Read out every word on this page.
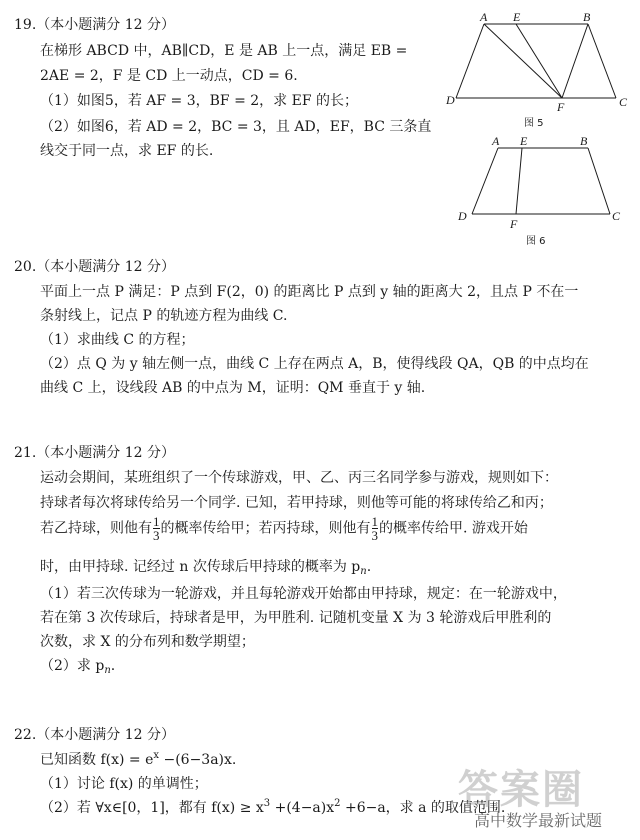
19.（本小题满分 12 分）
在梯形 ABCD 中，AB∥CD，E 是 AB 上一点，满足 EB =
2AE = 2，F 是 CD 上一动点，CD = 6.
（1）如图5，若 AF = 3，BF = 2，求 EF 的长；
（2）如图6，若 AD = 2，BC = 3，且 AD，EF，BC 三条直
线交于同一点，求 EF 的长.
A E	B
D	F	C
图 5
A E	B
D
F
C
图 6
20.（本小题满分 12 分）
平面上一点 P 满足：P 点到 F(2，0) 的距离比 P 点到 y 轴的距离大 2，且点 P 不在一
条射线上，记点 P 的轨迹方程为曲线 C.
（1）求曲线 C 的方程；
（2）点 Q 为 y 轴左侧一点，曲线 C 上存在两点 A，B，使得线段 QA，QB 的中点均在
曲线 C 上，设线段 AB 的中点为 M，证明：QM 垂直于 y 轴.
21.（本小题满分 12 分）
运动会期间，某班组织了一个传球游戏，甲、乙、丙三名同学参与游戏，规则如下：
持球者每次将球传给另一个同学. 已知，若甲持球，则他等可能的将球传给乙和丙；
若乙持球，则他有 $\frac{1}{3}$ 的概率传给甲；若丙持球，则他有 $\frac{1}{3}$ 的概率传给甲. 游戏开始
时，由甲持球. 记经过 n 次传球后甲持球的概率为 $p_n$.
（1）若三次传球为一轮游戏，并且每轮游戏开始都由甲持球，规定：在一轮游戏中，
若在第 3 次传球后，持球者是甲，为甲胜利. 记随机变量 X 为 3 轮游戏后甲胜利的
次数，求 X 的分布列和数学期望；
（2）求 $p_n$.
22.（本小题满分 12 分）
已知函数 $f(x) = e^x -(6-3a)x$.
（1）讨论 f(x) 的单调性；
（2）若 ∀x∈[0，1]，都有 $f(x) \ge x^3 +(4-a)x^2 +6-a$，求 a 的取值范围.
答案圈
高中数学最新试题
